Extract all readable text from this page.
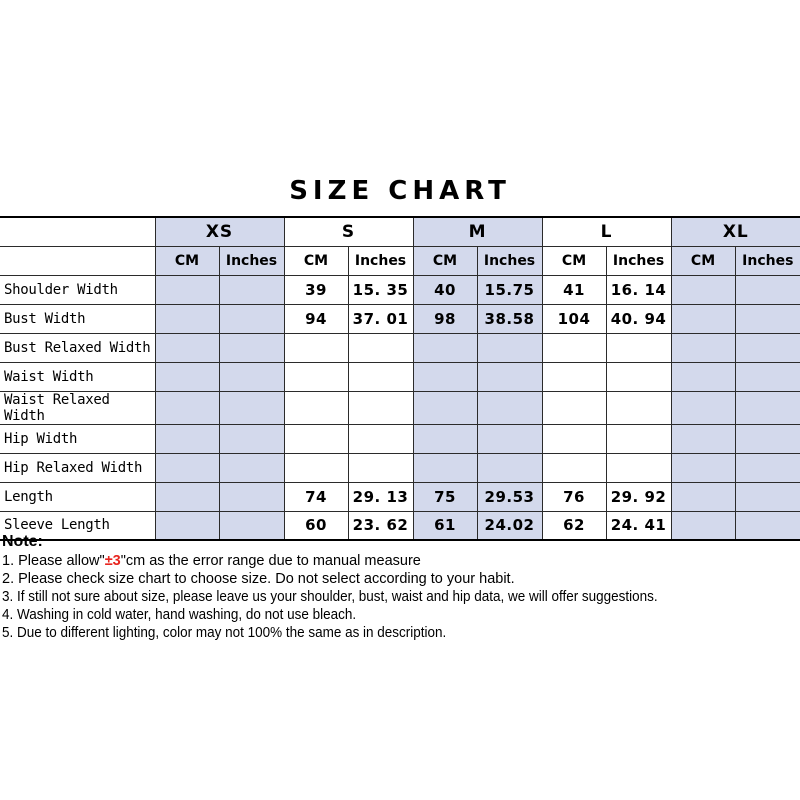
SIZE CHART
	XS		S		M		L		XL	
	CM	Inches	CM	Inches	CM	Inches	CM	Inches	CM	Inches
Shoulder Width			39	15. 35	40	15.75	41	16. 14		
Bust Width			94	37. 01	98	38.58	104	40. 94		
Bust Relaxed Width										
Waist Width										
Waist Relaxed Width										
Hip Width										
Hip Relaxed Width										
Length			74	29. 13	75	29.53	76	29. 92		
Sleeve Length			60	23. 62	61	24.02	62	24. 41		
Note:
1. Please allow"±3"cm as the error range due to manual measure
2. Please check size chart to choose size. Do not select according to your habit.
3. If still not sure about size, please leave us your shoulder, bust, waist and hip data, we will offer suggestions.
4. Washing in cold water, hand washing, do not use bleach.
5. Due to different lighting, color may not 100% the same as in description.
